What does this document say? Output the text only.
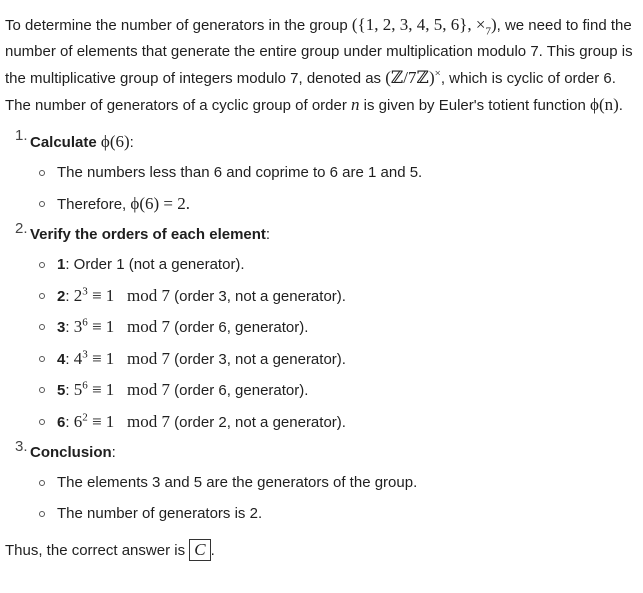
To determine the number of generators in the group ({1, 2, 3, 4, 5, 6}, $\times_7$), we need to find the number of elements that generate the entire group under multiplication modulo 7. This group is the multiplicative group of integers modulo 7, denoted as (ℤ/7ℤ)×, which is cyclic of order 6. The number of generators of a cyclic group of order n is given by Euler's totient function ϕ(n).

1. Calculate ϕ(6):
The numbers less than 6 and coprime to 6 are 1 and 5.
Therefore, ϕ(6) = 2.
2. Verify the orders of each element:
1: Order 1 (not a generator).
2: $2^3 \equiv 1$   mod 7 (order 3, not a generator).
3: $3^6 \equiv 1$   mod 7 (order 6, generator).
4: $4^3 \equiv 1$   mod 7 (order 3, not a generator).
5: $5^6 \equiv 1$   mod 7 (order 6, generator).
6: $6^2 \equiv 1$   mod 7 (order 2, not a generator).
3. Conclusion:
The elements 3 and 5 are the generators of the group.
The number of generators is 2.
Thus, the correct answer is C .
